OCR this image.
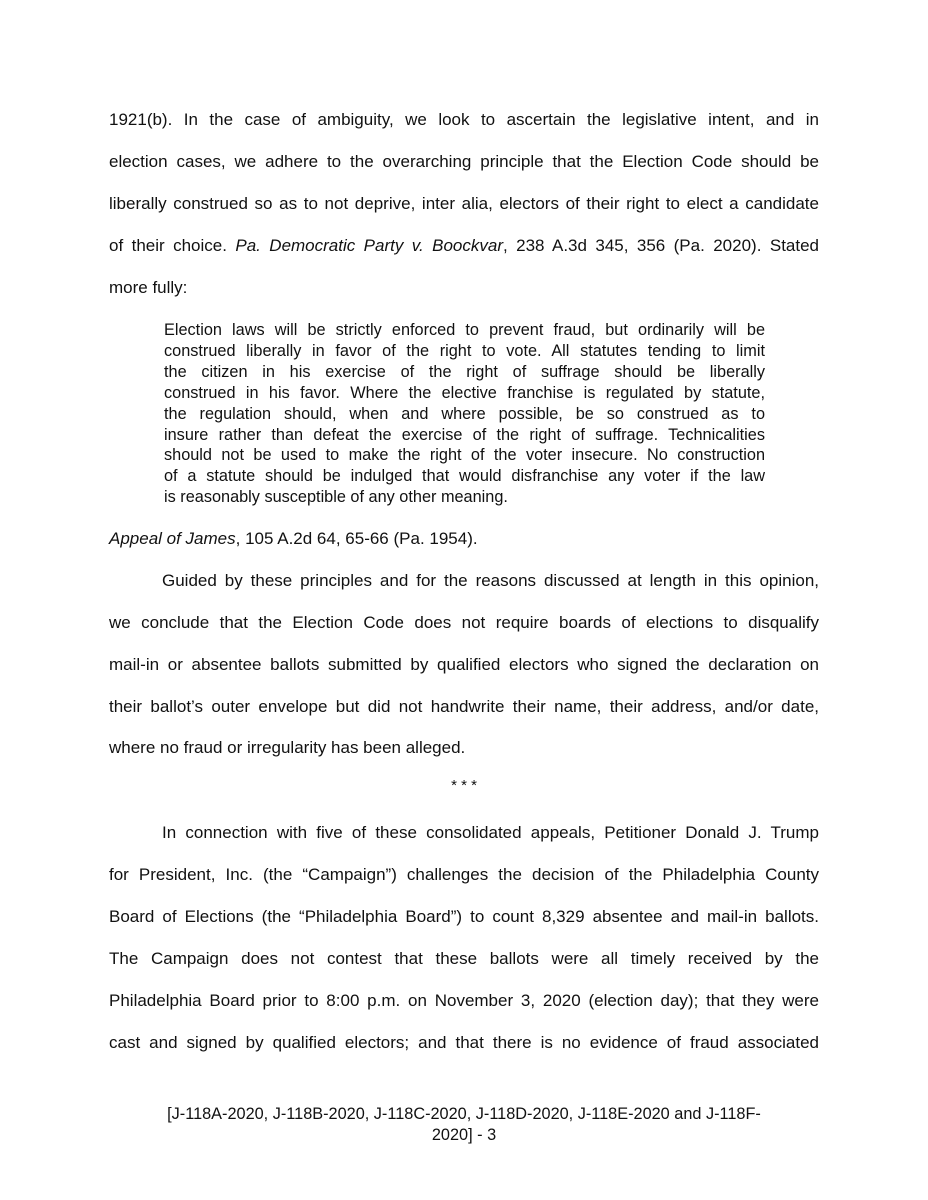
1921(b). In the case of ambiguity, we look to ascertain the legislative intent, and in
election cases, we adhere to the overarching principle that the Election Code should be
liberally construed so as to not deprive, inter alia, electors of their right to elect a candidate
of their choice. Pa. Democratic Party v. Boockvar, 238 A.3d 345, 356 (Pa. 2020). Stated
more fully:
Election laws will be strictly enforced to prevent fraud, but ordinarily will be
construed liberally in favor of the right to vote. All statutes tending to limit
the citizen in his exercise of the right of suffrage should be liberally
construed in his favor. Where the elective franchise is regulated by statute,
the regulation should, when and where possible, be so construed as to
insure rather than defeat the exercise of the right of suffrage. Technicalities
should not be used to make the right of the voter insecure. No construction
of a statute should be indulged that would disfranchise any voter if the law
is reasonably susceptible of any other meaning.
Appeal of James, 105 A.2d 64, 65-66 (Pa. 1954).
Guided by these principles and for the reasons discussed at length in this opinion,
we conclude that the Election Code does not require boards of elections to disqualify
mail-in or absentee ballots submitted by qualified electors who signed the declaration on
their ballot’s outer envelope but did not handwrite their name, their address, and/or date,
where no fraud or irregularity has been alleged.
* * *
In connection with five of these consolidated appeals, Petitioner Donald J. Trump
for President, Inc. (the “Campaign”) challenges the decision of the Philadelphia County
Board of Elections (the “Philadelphia Board”) to count 8,329 absentee and mail-in ballots.
The Campaign does not contest that these ballots were all timely received by the
Philadelphia Board prior to 8:00 p.m. on November 3, 2020 (election day); that they were
cast and signed by qualified electors; and that there is no evidence of fraud associated
[J-118A-2020, J-118B-2020, J-118C-2020, J-118D-2020, J-118E-2020 and J-118F-
2020] - 3
